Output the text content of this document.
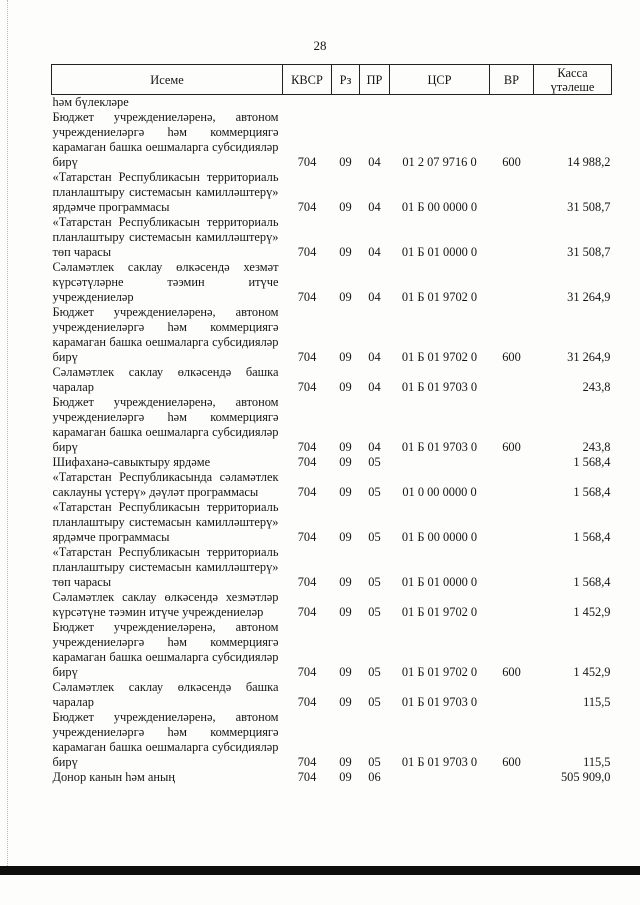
28
Исеме	КВСР	Рз	ПР	ЦСР	ВР	Касса үтәлеше
һәм бүлекләре						
Бюджет учреждениеләренә, автоном учреждениеләргә һәм коммерциягә карамаган башка оешмаларга субсидияләр бирү	704	09	04	01 2 07 9716 0	600	14 988,2
«Татарстан Республикасын территориаль планлаштыру системасын камилләштерү» ярдәмче программасы	704	09	04	01 Б 00 0000 0		31 508,7
«Татарстан Республикасын территориаль планлаштыру системасын камилләштерү» төп чарасы	704	09	04	01 Б 01 0000 0		31 508,7
Сәламәтлек саклау өлкәсендә хезмәт күрсәтүләрне тәэмин итүче учреждениеләр	704	09	04	01 Б 01 9702 0		31 264,9
Бюджет учреждениеләренә, автоном учреждениеләргә һәм коммерциягә карамаган башка оешмаларга субсидияләр бирү	704	09	04	01 Б 01 9702 0	600	31 264,9
Сәламәтлек саклау өлкәсендә башка чаралар	704	09	04	01 Б 01 9703 0		243,8
Бюджет учреждениеләренә, автоном учреждениеләргә һәм коммерциягә карамаган башка оешмаларга субсидияләр бирү	704	09	04	01 Б 01 9703 0	600	243,8
Шифаханә-савыктыру ярдәме	704	09	05			1 568,4
«Татарстан Республикасында сәламәтлек саклауны үстерү» дәүләт программасы	704	09	05	01 0 00 0000 0		1 568,4
«Татарстан Республикасын территориаль планлаштыру системасын камилләштерү» ярдәмче программасы	704	09	05	01 Б 00 0000 0		1 568,4
«Татарстан Республикасын территориаль планлаштыру системасын камилләштерү» төп чарасы	704	09	05	01 Б 01 0000 0		1 568,4
Сәламәтлек саклау өлкәсендә хезмәтләр күрсәтүне тәэмин итүче учреждениеләр	704	09	05	01 Б 01 9702 0		1 452,9
Бюджет учреждениеләренә, автоном учреждениеләргә һәм коммерциягә карамаган башка оешмаларга субсидияләр бирү	704	09	05	01 Б 01 9702 0	600	1 452,9
Сәламәтлек саклау өлкәсендә башка чаралар	704	09	05	01 Б 01 9703 0		115,5
Бюджет учреждениеләренә, автоном учреждениеләргә һәм коммерциягә карамаган башка оешмаларга субсидияләр бирү	704	09	05	01 Б 01 9703 0	600	115,5
Донор канын һәм аның	704	09	06			505 909,0
